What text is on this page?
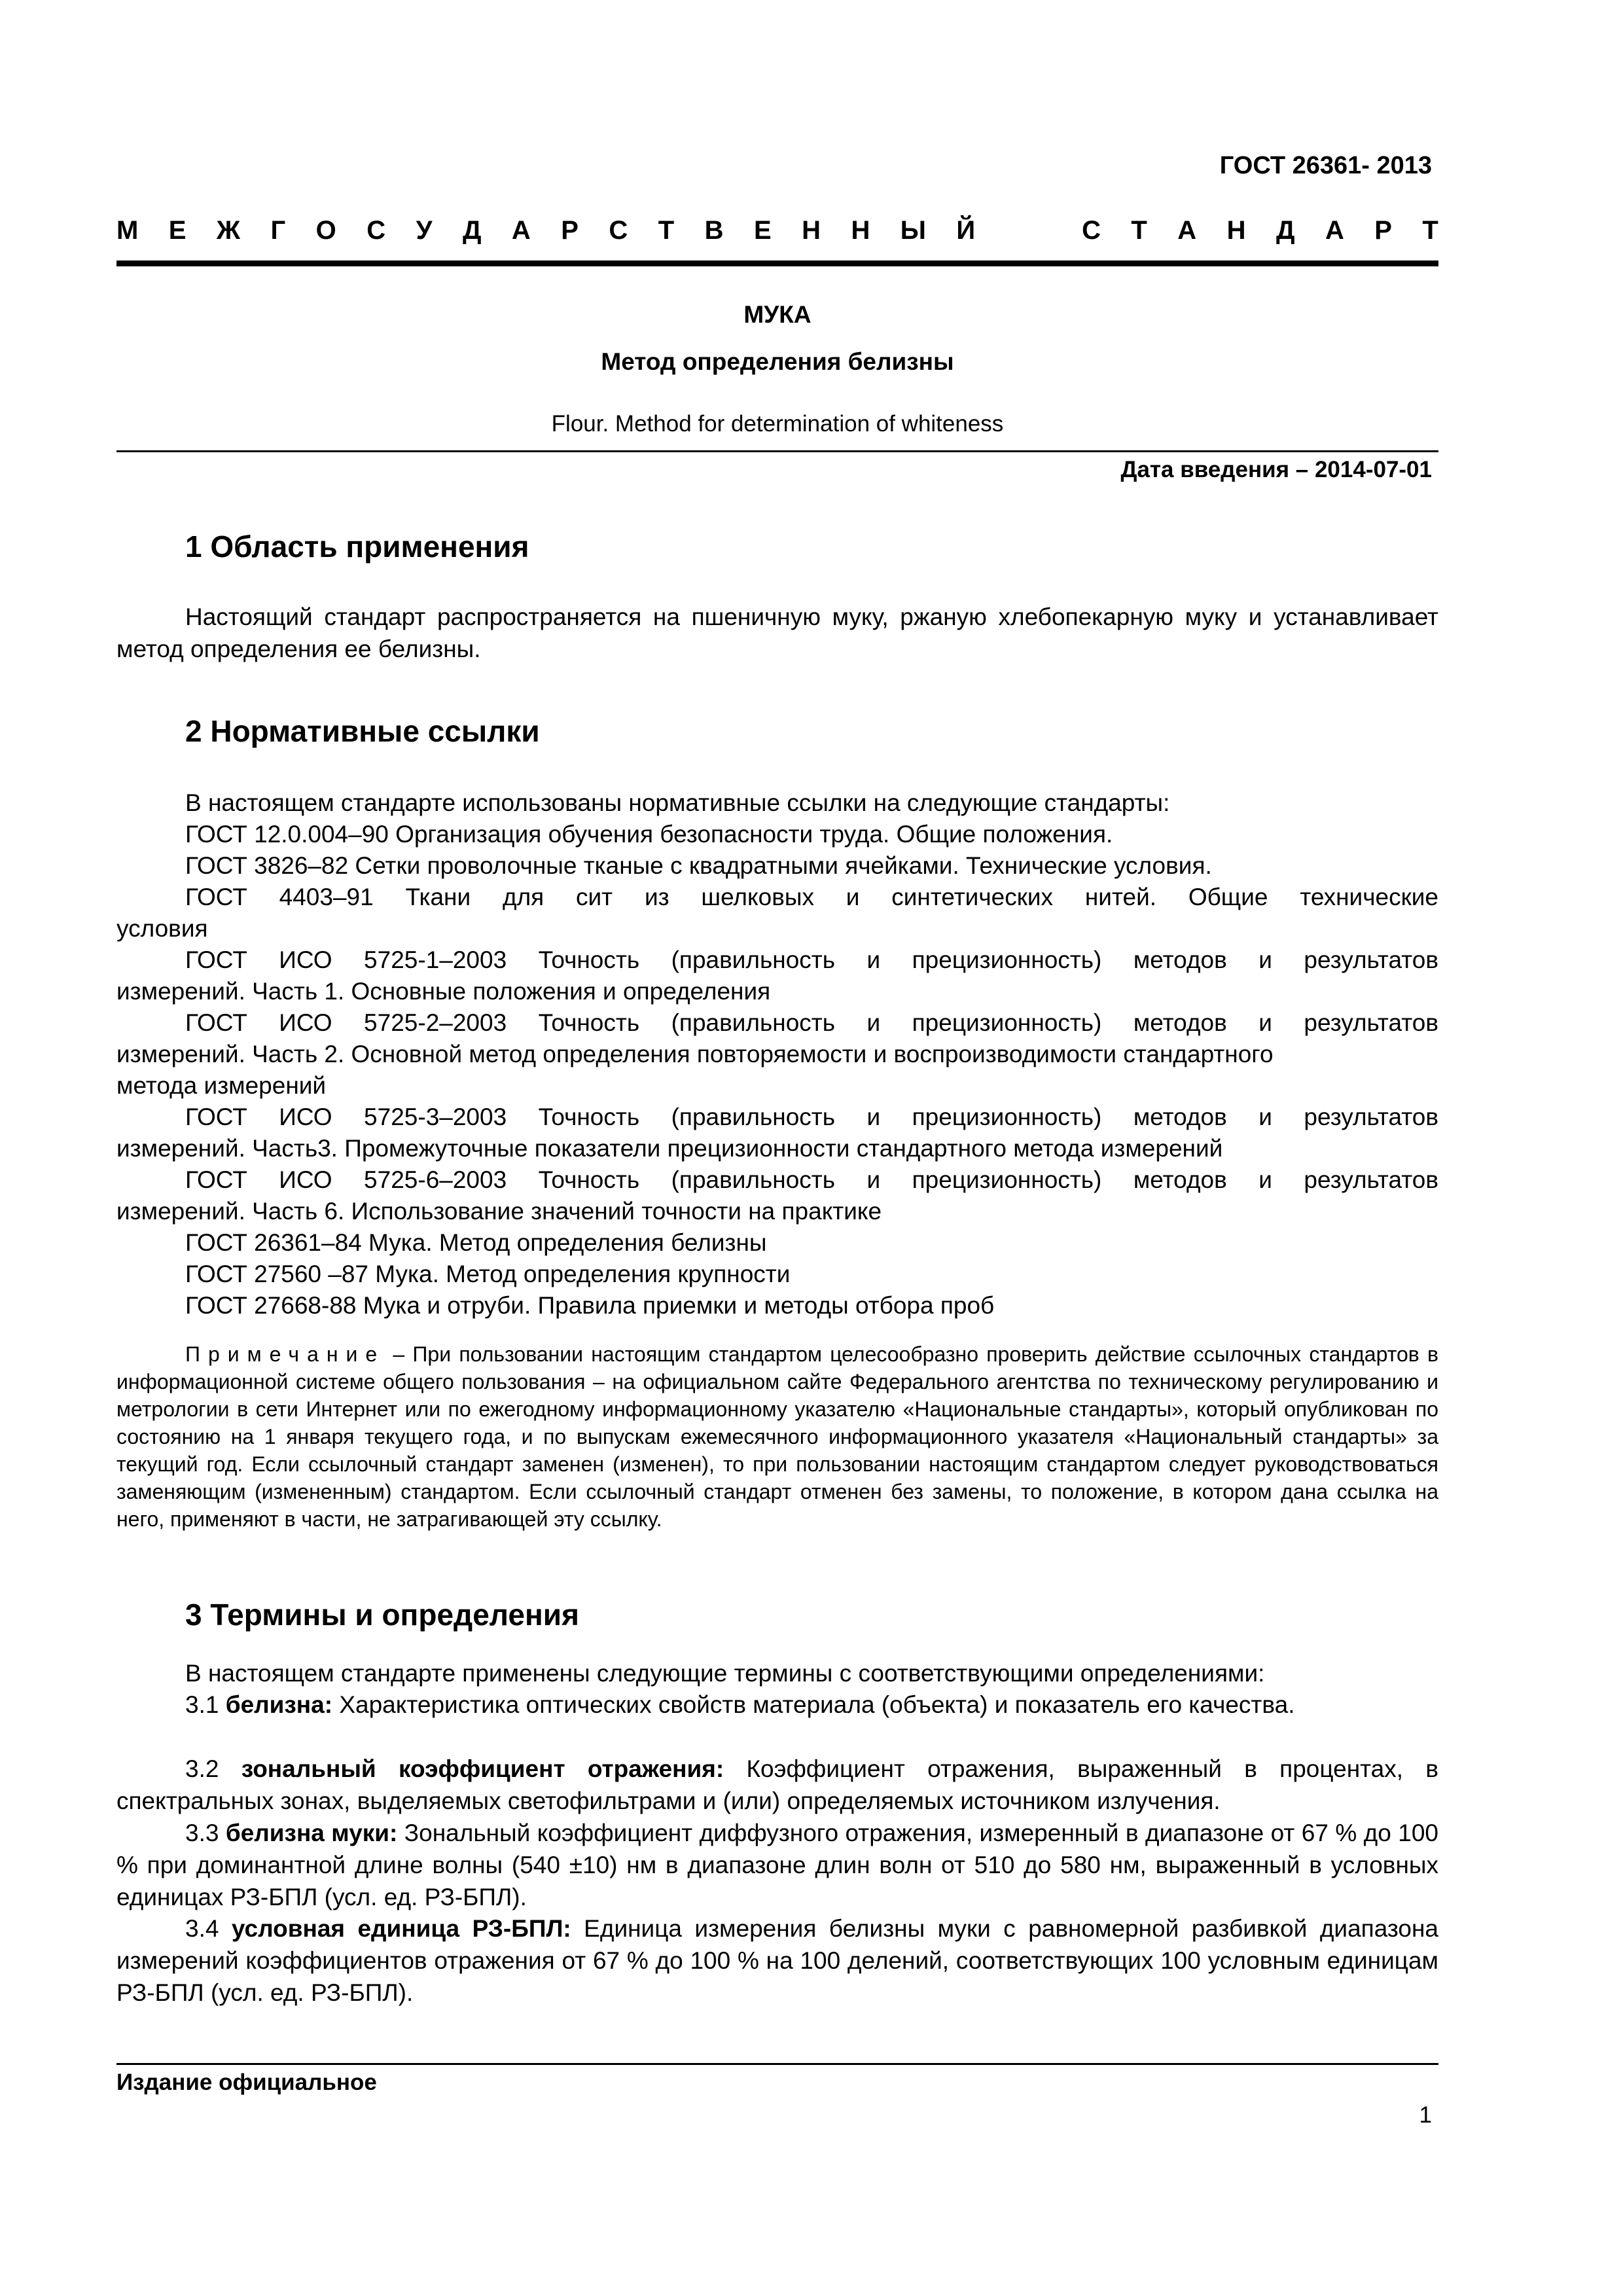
ГОСТ 26361- 2013
М Е Ж Г О С У Д А Р С Т В Е Н Н Ы Й	С Т А Н Д А Р Т
МУКА
Метод определения белизны
Flour. Method for determination of whiteness
Дата введения – 2014-07-01
1 Область применения
Настоящий стандарт распространяется на пшеничную муку, ржаную хлебопекарную муку и устанавливает метод определения ее белизны.
2 Нормативные ссылки
В настоящем стандарте использованы нормативные ссылки на следующие стандарты:
ГОСТ 12.0.004–90 Организация обучения безопасности труда. Общие положения.
ГОСТ 3826–82 Сетки проволочные тканые с квадратными ячейками. Технические условия.
ГОСТ 4403–91 Ткани для сит из шелковых и синтетических нитей. Общие технические
условия
ГОСТ ИСО 5725-1–2003 Точность (правильность и прецизионность) методов и результатов
измерений. Часть 1. Основные положения и определения
ГОСТ ИСО 5725-2–2003 Точность (правильность и прецизионность) методов и результатов
измерений. Часть 2. Основной метод определения повторяемости и воспроизводимости стандартного
метода измерений
ГОСТ ИСО 5725-3–2003 Точность (правильность и прецизионность) методов и результатов
измерений. Часть3. Промежуточные показатели прецизионности стандартного метода измерений
ГОСТ ИСО 5725-6–2003 Точность (правильность и прецизионность) методов и результатов
измерений. Часть 6. Использование значений точности на практике
ГОСТ 26361–84 Мука. Метод определения белизны
ГОСТ 27560 –87 Мука. Метод определения крупности
ГОСТ 27668-88 Мука и отруби. Правила приемки и методы отбора проб
Примечание – При пользовании настоящим стандартом целесообразно проверить действие ссылочных стандартов в информационной системе общего пользования – на официальном сайте Федерального агентства по техническому регулированию и метрологии в сети Интернет или по ежегодному информационному указателю «Национальные стандарты», который опубликован по состоянию на 1 января текущего года, и по выпускам ежемесячного информационного указателя «Национальный стандарты» за текущий год. Если ссылочный стандарт заменен (изменен), то при пользовании настоящим стандартом следует руководствоваться заменяющим (измененным) стандартом. Если ссылочный стандарт отменен без замены, то положение, в котором дана ссылка на него, применяют в части, не затрагивающей эту ссылку.
3 Термины и определения
В настоящем стандарте применены следующие термины с соответствующими определениями:
3.1 белизна: Характеристика оптических свойств материала (объекта) и показатель его качества.
3.2 зональный коэффициент отражения: Коэффициент отражения, выраженный в процентах, в спектральных зонах, выделяемых светофильтрами и (или) определяемых источником излучения.
3.3 белизна муки: Зональный коэффициент диффузного отражения, измеренный в диапазоне от 67 % до 100 % при доминантной длине волны (540 ±10) нм в диапазоне длин волн от 510 до 580 нм, выраженный в условных единицах РЗ-БПЛ (усл. ед. РЗ-БПЛ).
3.4 условная единица РЗ-БПЛ: Единица измерения белизны муки с равномерной разбивкой диапазона измерений коэффициентов отражения от 67 % до 100 % на 100 делений, соответствующих 100 условным единицам РЗ-БПЛ (усл. ед. РЗ-БПЛ).
Издание официальное
1
